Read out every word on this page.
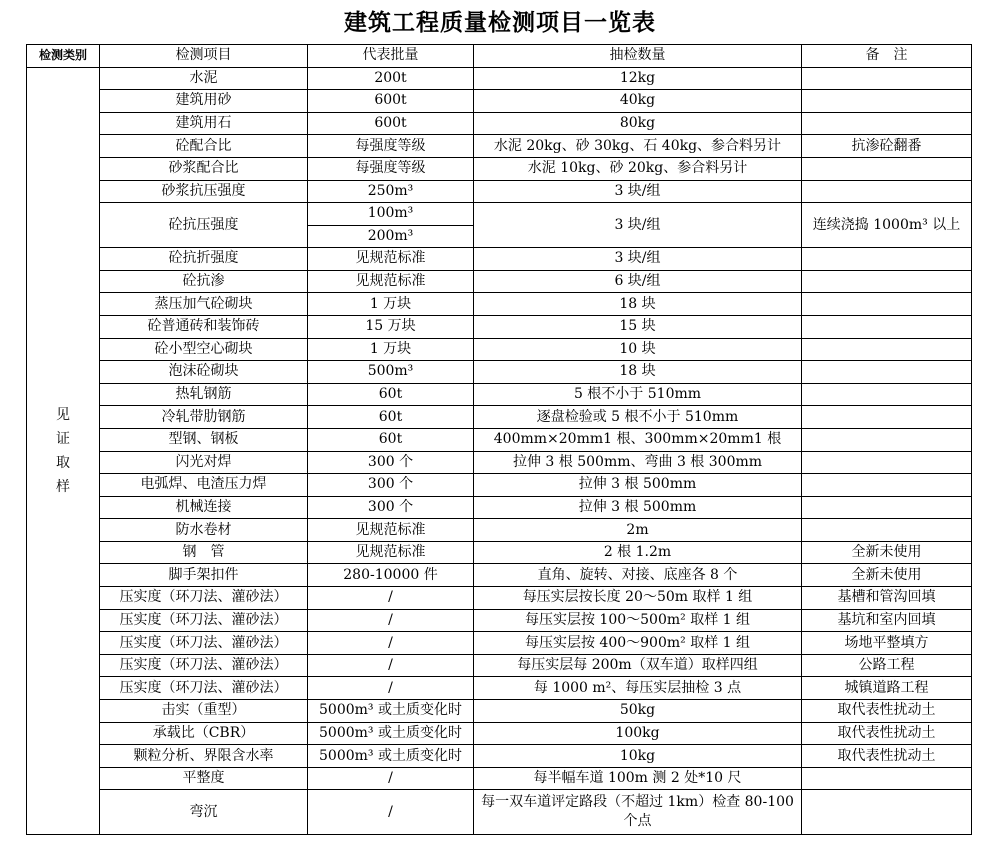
建筑工程质量检测项目一览表
检测类别	检测项目	代表批量	抽检数量	备　注

见
证
取
样	水泥	200t	12kg	
	建筑用砂	600t	40kg	
	建筑用石	600t	80kg	
	砼配合比	每强度等级	水泥 20kg、砂 30kg、石 40kg、参合料另计	抗渗砼翻番
	砂浆配合比	每强度等级	水泥 10kg、砂 20kg、参合料另计	
	砂浆抗压强度	250m³	3 块/组	
	砼抗压强度	100m³	3 块/组	连续浇捣 1000m³ 以上
		200m³		
	砼抗折强度	见规范标准	3 块/组	
	砼抗渗	见规范标准	6 块/组	
	蒸压加气砼砌块	1 万块	18 块	
	砼普通砖和装饰砖	15 万块	15 块	
	砼小型空心砌块	1 万块	10 块	
	泡沫砼砌块	500m³	18 块	
	热轧钢筋	60t	5 根不小于 510mm	
	冷轧带肋钢筋	60t	逐盘检验或 5 根不小于 510mm	
	型钢、钢板	60t	400mm×20mm1 根、300mm×20mm1 根	
	闪光对焊	300 个	拉伸 3 根 500mm、弯曲 3 根 300mm	
	电弧焊、电渣压力焊	300 个	拉伸 3 根 500mm	
	机械连接	300 个	拉伸 3 根 500mm	
	防水卷材	见规范标准	2m	
	钢　管	见规范标准	2 根 1.2m	全新未使用
	脚手架扣件	280-10000 件	直角、旋转、对接、底座各 8 个	全新未使用
	压实度（环刀法、灌砂法）	/	每压实层按长度 20～50m 取样 1 组	基槽和管沟回填
	压实度（环刀法、灌砂法）	/	每压实层按 100～500m² 取样 1 组	基坑和室内回填
	压实度（环刀法、灌砂法）	/	每压实层按 400～900m² 取样 1 组	场地平整填方
	压实度（环刀法、灌砂法）	/	每压实层每 200m（双车道）取样四组	公路工程
	压实度（环刀法、灌砂法）	/	每 1000 m²、每压实层抽检 3 点	城镇道路工程
	击实（重型）	5000m³ 或土质变化时	50kg	取代表性扰动土
	承载比（CBR）	5000m³ 或土质变化时	100kg	取代表性扰动土
	颗粒分析、界限含水率	5000m³ 或土质变化时	10kg	取代表性扰动土
	平整度	/	每半幅车道 100m 测 2 处*10 尺	
	弯沉	/	每一双车道评定路段（不超过 1km）检查 80-100 个点	
